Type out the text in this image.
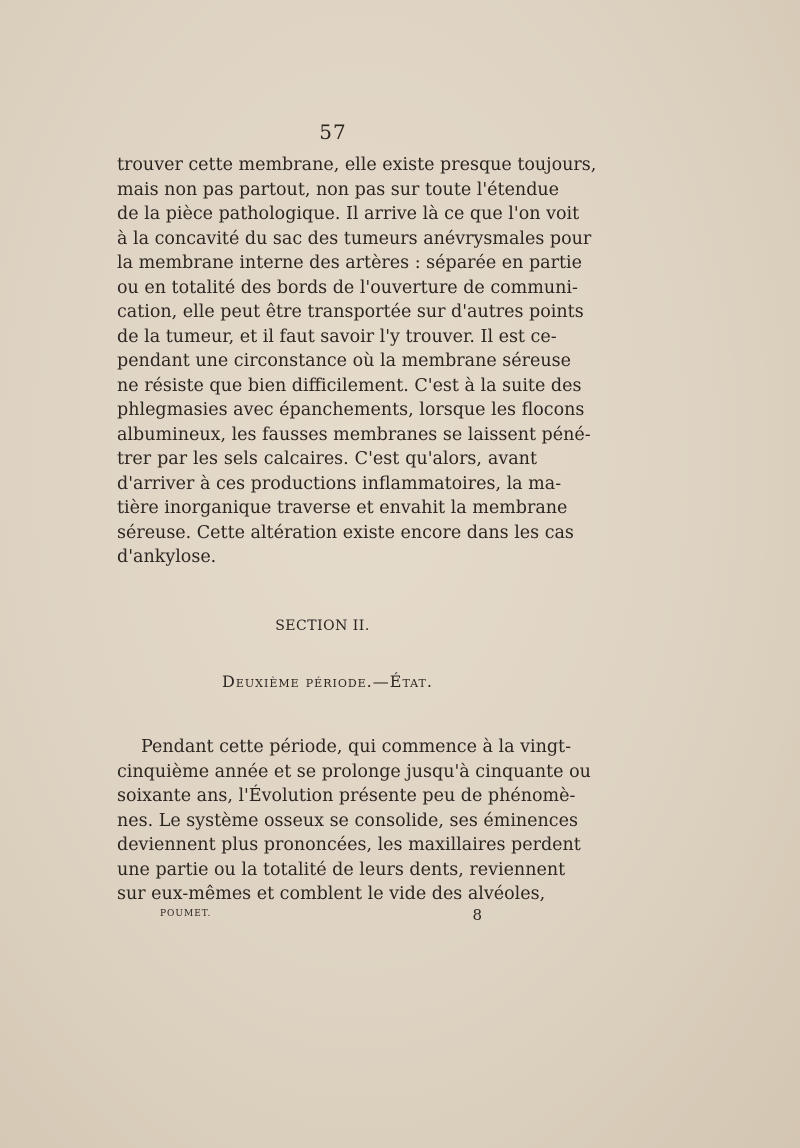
57
trouver cette membrane, elle existe presque toujours,
mais non pas partout, non pas sur toute l'étendue
de la pièce pathologique. Il arrive là ce que l'on voit
à la concavité du sac des tumeurs anévrysmales pour
la membrane interne des artères : séparée en partie
ou en totalité des bords de l'ouverture de communi-
cation, elle peut être transportée sur d'autres points
de la tumeur, et il faut savoir l'y trouver. Il est ce-
pendant une circonstance où la membrane séreuse
ne résiste que bien difficilement. C'est à la suite des
phlegmasies avec épanchements, lorsque les flocons
albumineux, les fausses membranes se laissent péné-
trer par les sels calcaires. C'est qu'alors, avant
d'arriver à ces productions inflammatoires, la ma-
tière inorganique traverse et envahit la membrane
séreuse. Cette altération existe encore dans les cas
d'ankylose.
SECTION II.
Deuxième période.—État.
Pendant cette période, qui commence à la vingt-
cinquième année et se prolonge jusqu'à cinquante ou
soixante ans, l'Évolution présente peu de phénomè-
nes. Le système osseux se consolide, ses éminences
deviennent plus prononcées, les maxillaires perdent
une partie ou la totalité de leurs dents, reviennent
sur eux-mêmes et comblent le vide des alvéoles,
POUMET.	8
